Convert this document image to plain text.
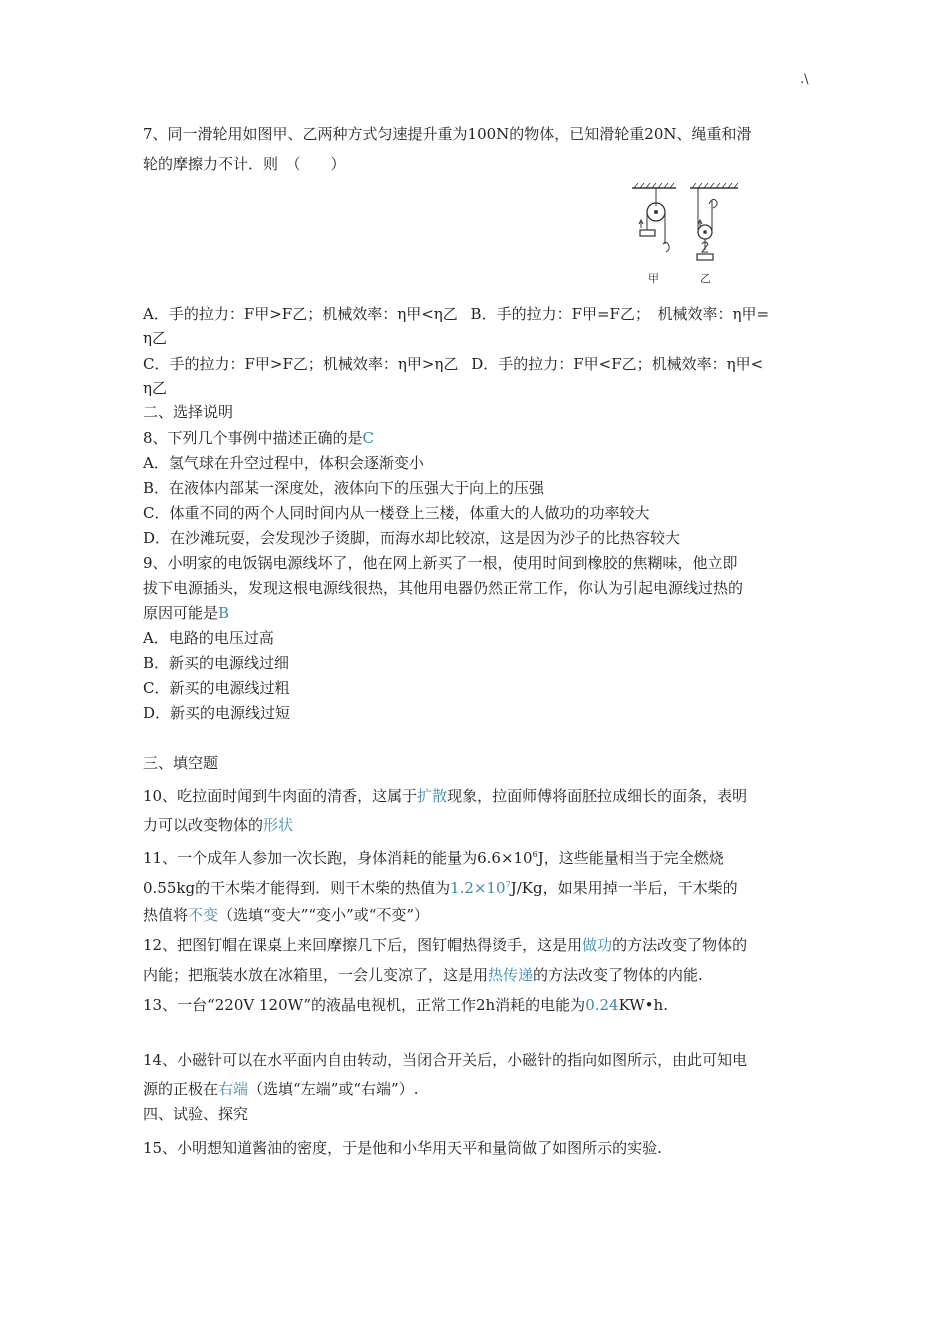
.\
7、同一滑轮用如图甲、乙两种方式匀速提升重为100N的物体，已知滑轮重20N、绳重和滑
轮的摩擦力不计．则　（　　）
甲	乙
A．手的拉力：F甲>F乙；机械效率：η甲<η乙 B．手的拉力：F甲=F乙；　机械效率：η甲=
η乙
C．手的拉力：F甲>F乙；机械效率：η甲>η乙 D．手的拉力：F甲<F乙；机械效率：η甲<
η乙
二、选择说明
8、下列几个事例中描述正确的是C
A．氢气球在升空过程中，体积会逐渐变小
B．在液体内部某一深度处，液体向下的压强大于向上的压强
C．体重不同的两个人同时间内从一楼登上三楼，体重大的人做功的功率较大
D．在沙滩玩耍，会发现沙子烫脚，而海水却比较凉，这是因为沙子的比热容较大
9、小明家的电饭锅电源线坏了，他在网上新买了一根，使用时间到橡胶的焦糊味，他立即
拔下电源插头，发现这根电源线很热，其他用电器仍然正常工作，你认为引起电源线过热的
原因可能是B
A．电路的电压过高
B．新买的电源线过细
C．新买的电源线过粗
D．新买的电源线过短
三、填空题
10、吃拉面时闻到牛肉面的清香，这属于扩散现象，拉面师傅将面胚拉成细长的面条，表明
力可以改变物体的形状
11、一个成年人参加一次长跑，身体消耗的能量为$6.6\times 10^6J$，这些能量相当于完全燃烧
0.55kg的干木柴才能得到．则干木柴的热值为$1.2\times 10^7J/Kg$，如果用掉一半后，干木柴的
热值将不变（选填“变大”“变小”或“不变”）
12、把图钉帽在课桌上来回摩擦几下后，图钉帽热得烫手，这是用做功的方法改变了物体的
内能；把瓶装水放在冰箱里，一会儿变凉了，这是用热传递的方法改变了物体的内能.
13、一台“220V 120W”的液晶电视机，正常工作2h消耗的电能为0.24KW•h.
14、小磁针可以在水平面内自由转动，当闭合开关后，小磁针的指向如图所示，由此可知电
源的正极在右端（选填“左端”或“右端”）.
四、试验、探究
15、小明想知道酱油的密度，于是他和小华用天平和量筒做了如图所示的实验.
